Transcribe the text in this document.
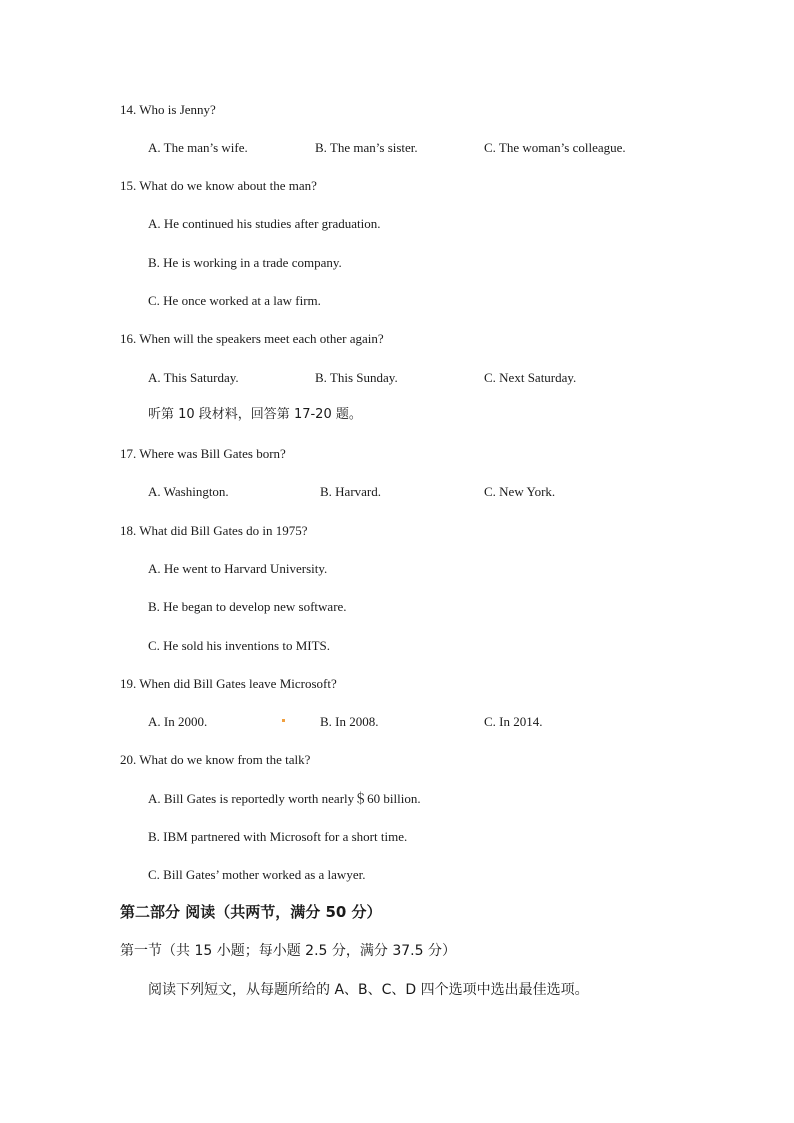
14. Who is Jenny?
A. The man’s wife.	B. The man’s sister.	C. The woman’s colleague.
15. What do we know about the man?
A. He continued his studies after graduation.
B. He is working in a trade company.
C. He once worked at a law firm.
16. When will the speakers meet each other again?
A. This Saturday.	B. This Sunday.	C. Next Saturday.
听第 10 段材料，回答第 17-20 题。
17. Where was Bill Gates born?
A. Washington.	B. Harvard.	C. New York.
18. What did Bill Gates do in 1975?
A. He went to Harvard University.
B. He began to develop new software.
C. He sold his inventions to MITS.
19. When did Bill Gates leave Microsoft?
A. In 2000.	B. In 2008.	C. In 2014.
20. What do we know from the talk?
A. Bill Gates is reportedly worth nearly＄60 billion.
B. IBM partnered with Microsoft for a short time.
C. Bill Gates’ mother worked as a lawyer.
第二部分 阅读（共两节，满分 50 分）
第一节（共 15 小题；每小题 2.5 分，满分 37.5 分）
阅读下列短文，从每题所给的 A、B、C、D 四个选项中选出最佳选项。
